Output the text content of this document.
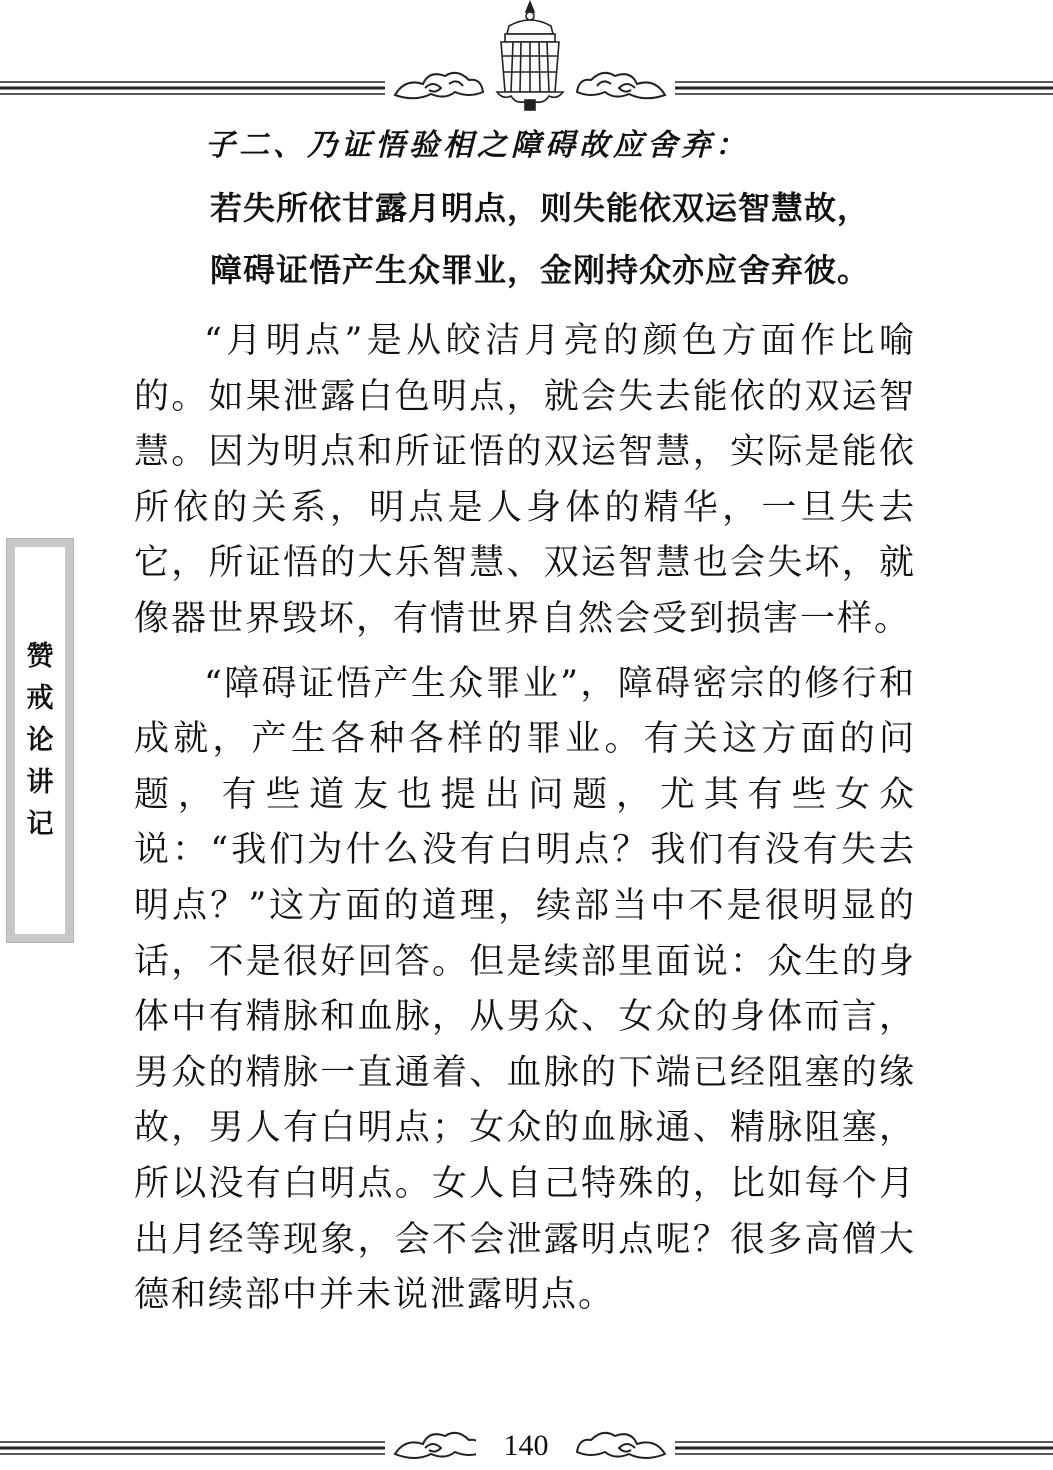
赞
戒
论
讲
记
子二、乃证悟验相之障碍故应舍弃：
若失所依甘露月明点，则失能依双运智慧故，
障碍证悟产生众罪业，金刚持众亦应舍弃彼。

“月明点”是从皎洁月亮的颜色方面作比喻的。如果泄露白色明点，就会失去能依的双运智慧。因为明点和所证悟的双运智慧，实际是能依所依的关系，明点是人身体的精华，一旦失去它，所证悟的大乐智慧、双运智慧也会失坏，就像器世界毁坏，有情世界自然会受到损害一样。

“障碍证悟产生众罪业”，障碍密宗的修行和成就，产生各种各样的罪业。有关这方面的问题，有些道友也提出问题，尤其有些女众说：“我们为什么没有白明点？我们有没有失去明点？”这方面的道理，续部当中不是很明显的话，不是很好回答。但是续部里面说：众生的身体中有精脉和血脉，从男众、女众的身体而言，男众的精脉一直通着、血脉的下端已经阻塞的缘故，男人有白明点；女众的血脉通、精脉阻塞，所以没有白明点。女人自己特殊的，比如每个月出月经等现象，会不会泄露明点呢？很多高僧大德和续部中并未说泄露明点。

140
